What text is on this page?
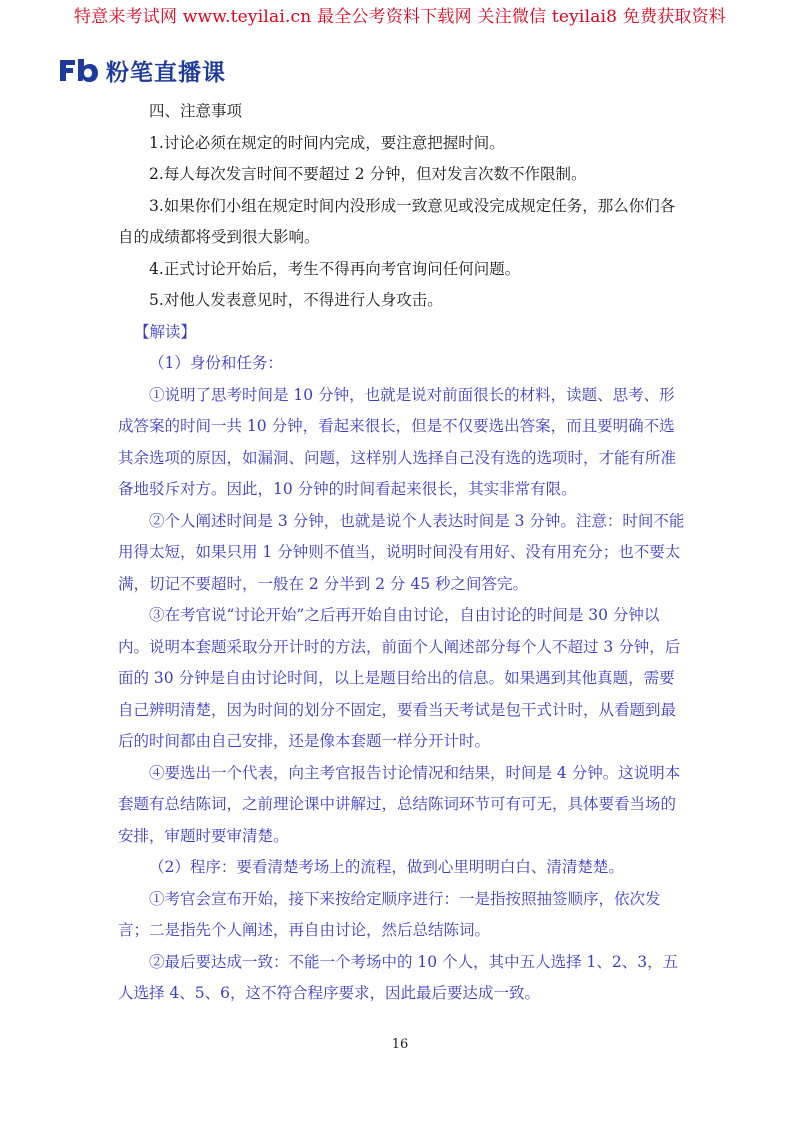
特意来考试网 www.teyilai.cn 最全公考资料下载网 关注微信 teyilai8 免费获取资料
粉笔直播课

四、注意事项

1.讨论必须在规定的时间内完成，要注意把握时间。

2.每人每次发言时间不要超过 2 分钟，但对发言次数不作限制。

3.如果你们小组在规定时间内没形成一致意见或没完成规定任务，那么你们各自的成绩都将受到很大影响。

4.正式讨论开始后，考生不得再向考官询问任何问题。

5.对他人发表意见时，不得进行人身攻击。

【解读】

（1）身份和任务：

①说明了思考时间是 10 分钟，也就是说对前面很长的材料，读题、思考、形成答案的时间一共 10 分钟，看起来很长，但是不仅要选出答案，而且要明确不选其余选项的原因，如漏洞、问题，这样别人选择自己没有选的选项时，才能有所准备地驳斥对方。因此，10 分钟的时间看起来很长，其实非常有限。

②个人阐述时间是 3 分钟，也就是说个人表达时间是 3 分钟。注意：时间不能用得太短，如果只用 1 分钟则不值当，说明时间没有用好、没有用充分；也不要太满，切记不要超时，一般在 2 分半到 2 分 45 秒之间答完。

③在考官说“讨论开始”之后再开始自由讨论，自由讨论的时间是 30 分钟以内。说明本套题采取分开计时的方法，前面个人阐述部分每个人不超过 3 分钟，后面的 30 分钟是自由讨论时间，以上是题目给出的信息。如果遇到其他真题，需要自己辨明清楚，因为时间的划分不固定，要看当天考试是包干式计时，从看题到最后的时间都由自己安排，还是像本套题一样分开计时。

④要选出一个代表，向主考官报告讨论情况和结果，时间是 4 分钟。这说明本套题有总结陈词，之前理论课中讲解过，总结陈词环节可有可无，具体要看当场的安排，审题时要审清楚。

（2）程序：要看清楚考场上的流程，做到心里明明白白、清清楚楚。

①考官会宣布开始，接下来按给定顺序进行：一是指按照抽签顺序，依次发言；二是指先个人阐述，再自由讨论，然后总结陈词。

②最后要达成一致：不能一个考场中的 10 个人，其中五人选择 1、2、3，五人选择 4、5、6，这不符合程序要求，因此最后要达成一致。

16
